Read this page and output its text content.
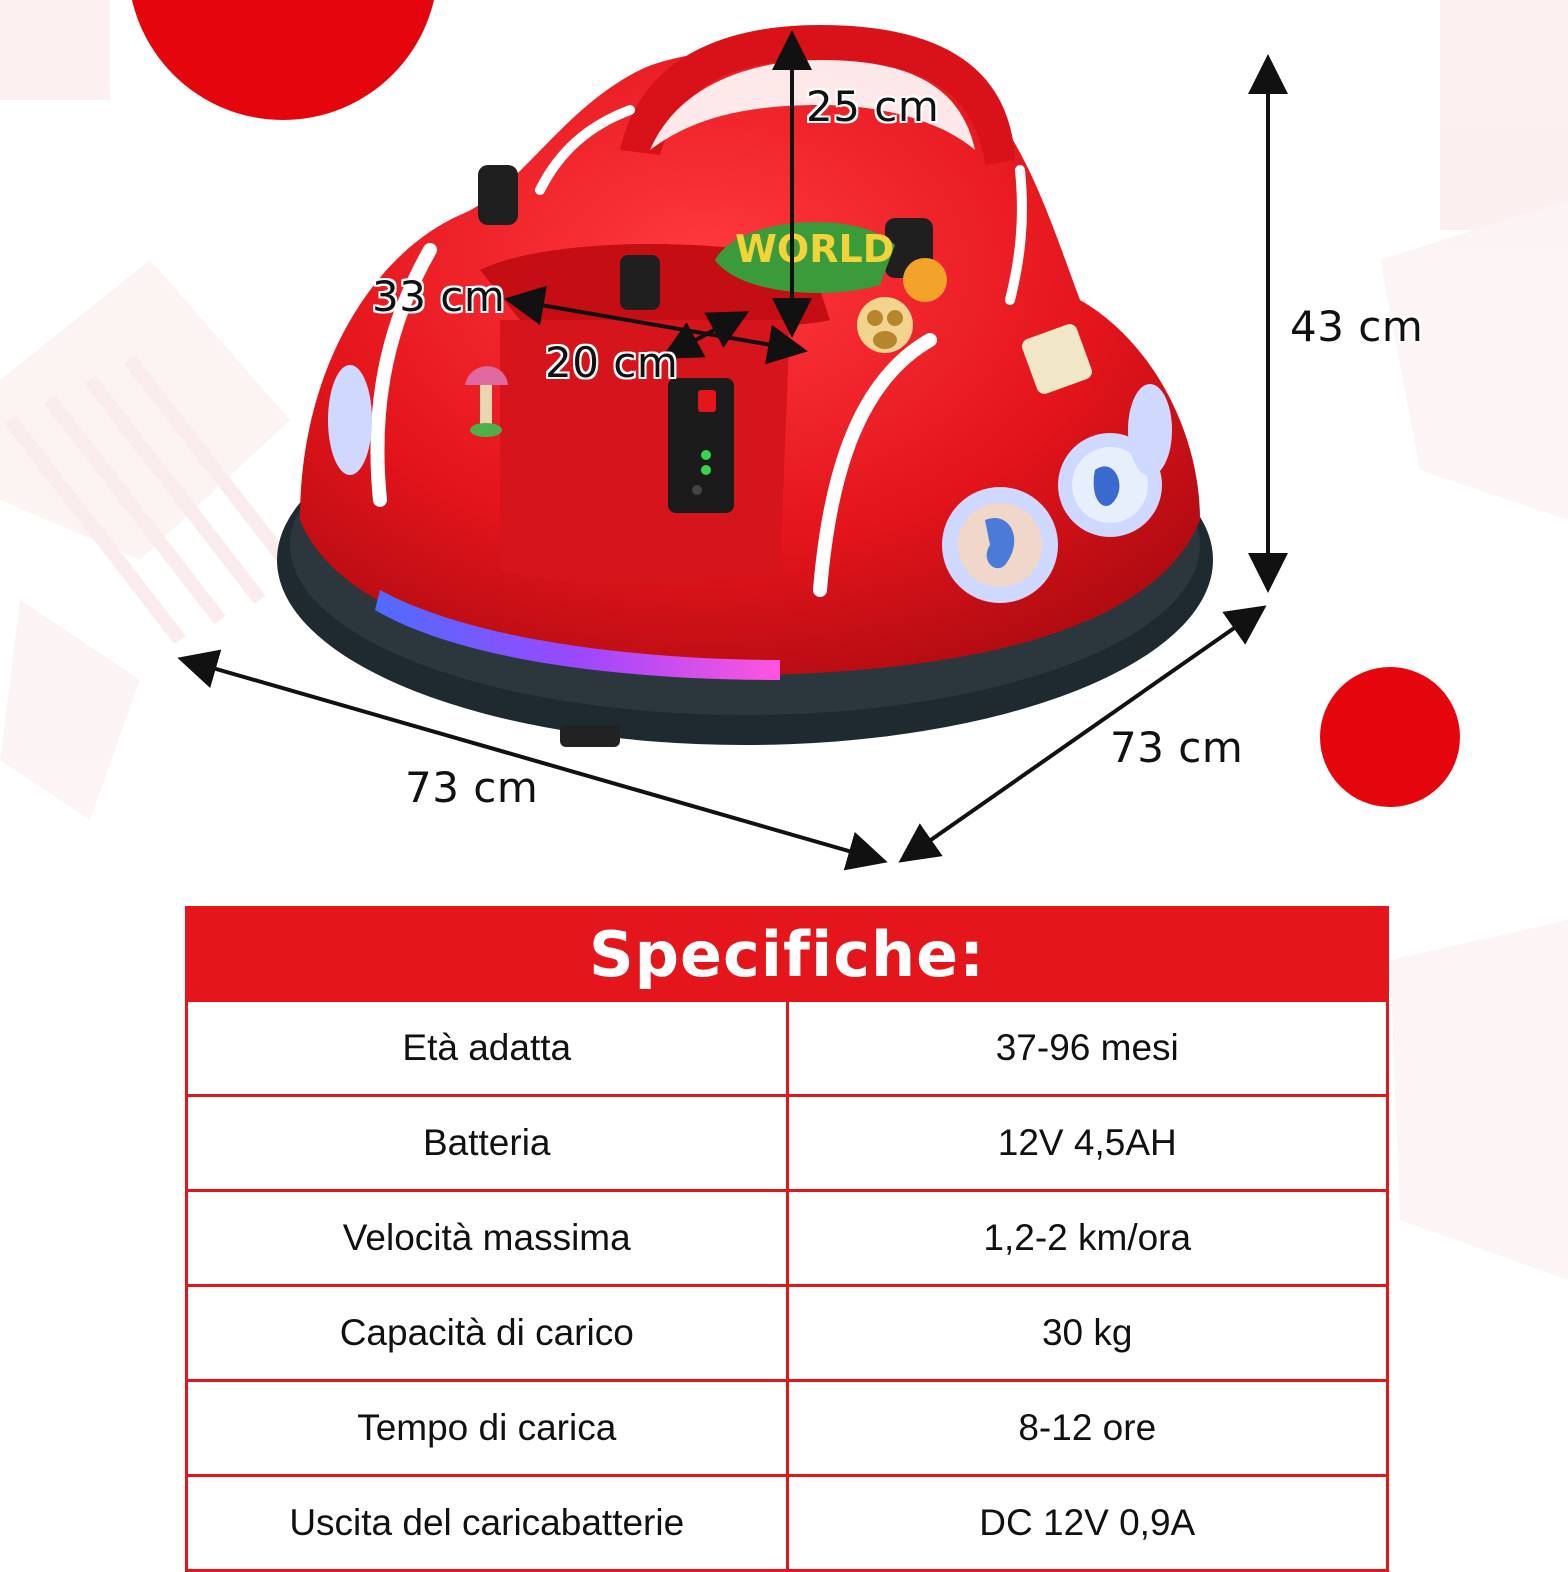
WORLD
25 cm
33 cm
20 cm
43 cm
73 cm
73 cm
Specifiche:	
Età adatta	37-96 mesi
Batteria	12V 4,5AH
Velocità massima	1,2-2 km/ora
Capacità di carico	30 kg
Tempo di carica	8-12 ore
Uscita del caricabatterie	DC 12V 0,9A
